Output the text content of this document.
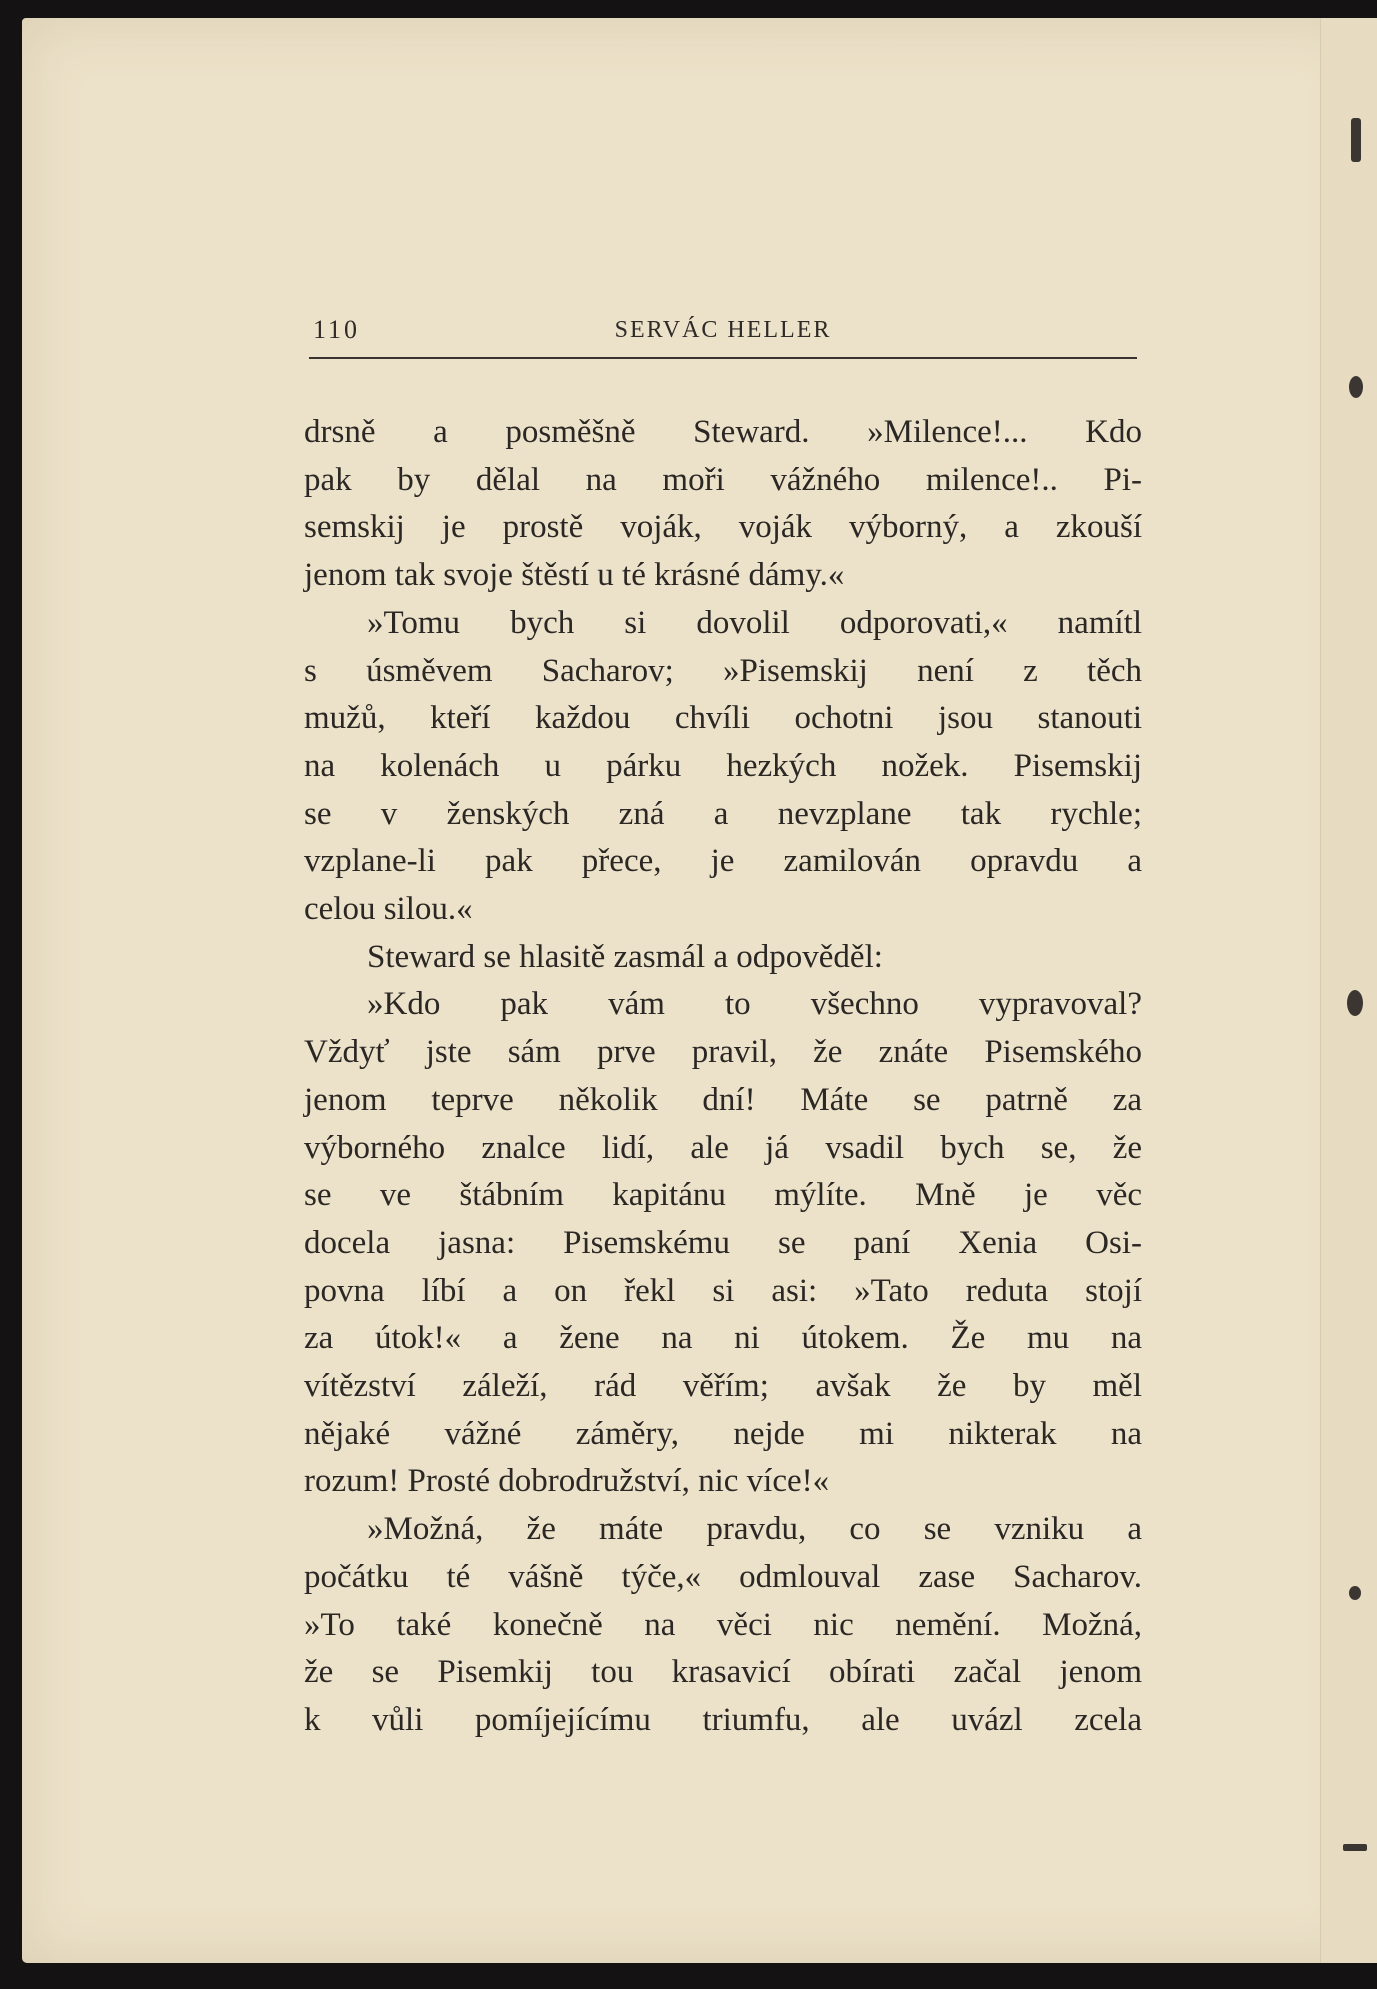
110	SERVÁC HELLER
drsně a posměšně Steward. »Milence!... Kdo
pak by dělal na moři vážného milence!.. Pi-
semskij je prostě voják, voják výborný, a zkouší
jenom tak svoje štěstí u té krásné dámy.«
»Tomu bych si dovolil odporovati,« namítl
s úsměvem Sacharov; »Pisemskij není z těch
mužů, kteří každou chvíli ochotni jsou stanouti
na kolenách u párku hezkých nožek. Pisemskij
se v ženských zná a nevzplane tak rychle;
vzplane-li pak přece, je zamilován opravdu a
celou silou.«
Steward se hlasitě zasmál a odpověděl:
»Kdo pak vám to všechno vypravoval?
Vždyť jste sám prve pravil, že znáte Pisemského
jenom teprve několik dní! Máte se patrně za
výborného znalce lidí, ale já vsadil bych se, že
se ve štábním kapitánu mýlíte. Mně je věc
docela jasna: Pisemskému se paní Xenia Osi-
povna líbí a on řekl si asi: »Tato reduta stojí
za útok!« a žene na ni útokem. Že mu na
vítězství záleží, rád věřím; avšak že by měl
nějaké vážné záměry, nejde mi nikterak na
rozum! Prosté dobrodružství, nic více!«
»Možná, že máte pravdu, co se vzniku a
počátku té vášně týče,« odmlouval zase Sacharov.
»To také konečně na věci nic nemění. Možná,
že se Pisemkij tou krasavicí obírati začal jenom
k vůli pomíjejícímu triumfu, ale uvázl zcela
